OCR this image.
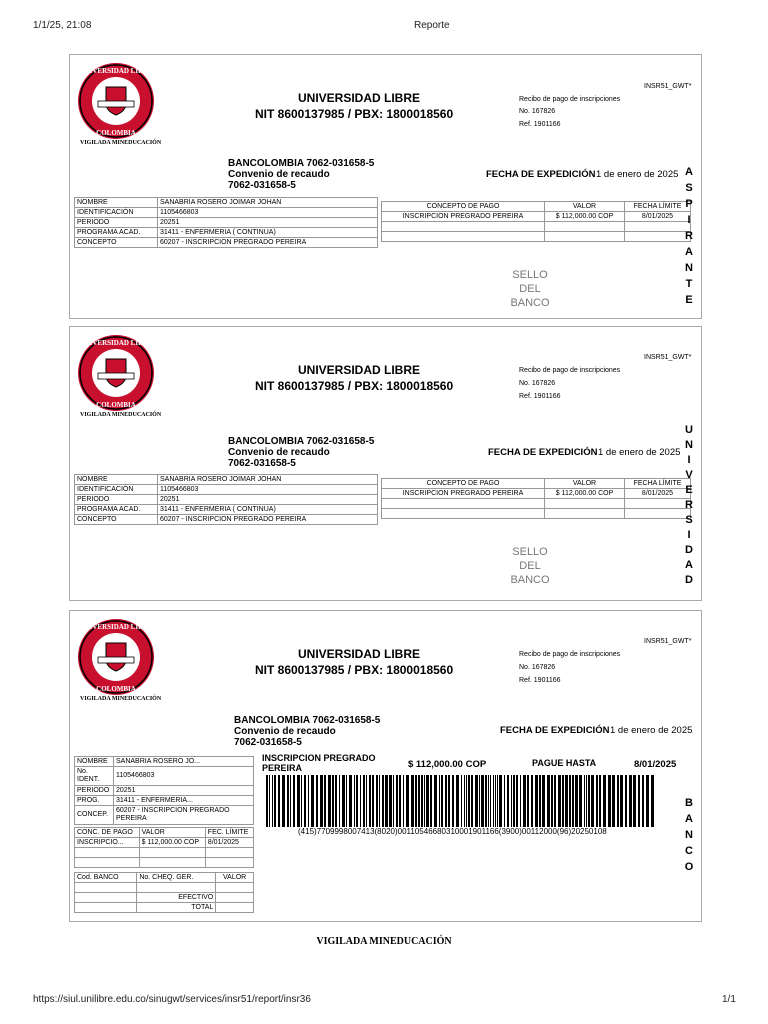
1/1/25, 21:08	Reporte
https://siul.unilibre.edu.co/sinugwt/services/insr51/report/insr36	1/1
UNIVERSIDAD LIBRE
COLOMBIA
VIGILADA MINEDUCACIÓN
UNIVERSIDAD LIBRE
NIT 8600137985 / PBX: 1800018560
INSR51_GWT*
Recibo de pago de inscripciones
No. 167826
Ref. 1901166
BANCOLOMBIA 7062-031658-5
Convenio de recaudo
7062-031658-5
FECHA DE EXPEDICIÓN 1 de enero de 2025
NOMBRE	SANABRIA ROSERO JOIMAR JOHAN
IDENTIFICACIÓN	1105466803
PERIODO	20251
PROGRAMA ACAD.	31411 - ENFERMERIA ( CONTINUA)
CONCEPTO	60207 - INSCRIPCION PREGRADO PEREIRA
CONCEPTO DE PAGO	VALOR	FECHA LÍMITE
INSCRIPCION PREGRADO PEREIRA	$ 112,000.00 COP	8/01/2025

SELLO
DEL
BANCO
A
S
P
I
R
A
N
T
E
UNIVERSIDAD LIBRE
COLOMBIA
VIGILADA MINEDUCACIÓN
UNIVERSIDAD LIBRE
NIT 8600137985 / PBX: 1800018560
INSR51_GWT*
Recibo de pago de inscripciones
No. 167826
Ref. 1901166
BANCOLOMBIA 7062-031658-5
Convenio de recaudo
7062-031658-5
FECHA DE EXPEDICIÓN 1 de enero de 2025
NOMBRE	SANABRIA ROSERO JOIMAR JOHAN
IDENTIFICACIÓN	1105466803
PERIODO	20251
PROGRAMA ACAD.	31411 - ENFERMERIA ( CONTINUA)
CONCEPTO	60207 - INSCRIPCION PREGRADO PEREIRA
CONCEPTO DE PAGO	VALOR	FECHA LÍMITE
INSCRIPCION PREGRADO PEREIRA	$ 112,000.00 COP	8/01/2025

SELLO
DEL
BANCO
U
N
I
V
E
R
S
I
D
A
D
UNIVERSIDAD LIBRE
COLOMBIA
VIGILADA MINEDUCACIÓN
UNIVERSIDAD LIBRE
NIT 8600137985 / PBX: 1800018560
INSR51_GWT*
Recibo de pago de inscripciones
No. 167826
Ref. 1901166
BANCOLOMBIA 7062-031658-5
Convenio de recaudo
7062-031658-5
FECHA DE EXPEDICIÓN 1 de enero de 2025
NOMBRE	SANABRIA ROSERO JO...
No. IDENT.	1105466803
PERIODO	20251
PROG.	31411 - ENFERMERIA...
CONCEP.	60207 - INSCRIPCION PREGRADO PEREIRA
CONC. DE PAGO	VALOR	FEC. LÍMITE
INSCRIPCIO...	$ 112,000.00 COP	8/01/2025

Cod. BANCO	No. CHEQ. GER.	VALOR

	EFECTIVO	
	TOTAL	
INSCRIPCION PREGRADO PEREIRA	$ 112,000.00 COP	PAGUE HASTA	8/01/2025
(415)7709998007413(8020)00110546680310001901166(3900)00112000(96)20250108
B
A
N
C
O
VIGILADA MINEDUCACIÓN
